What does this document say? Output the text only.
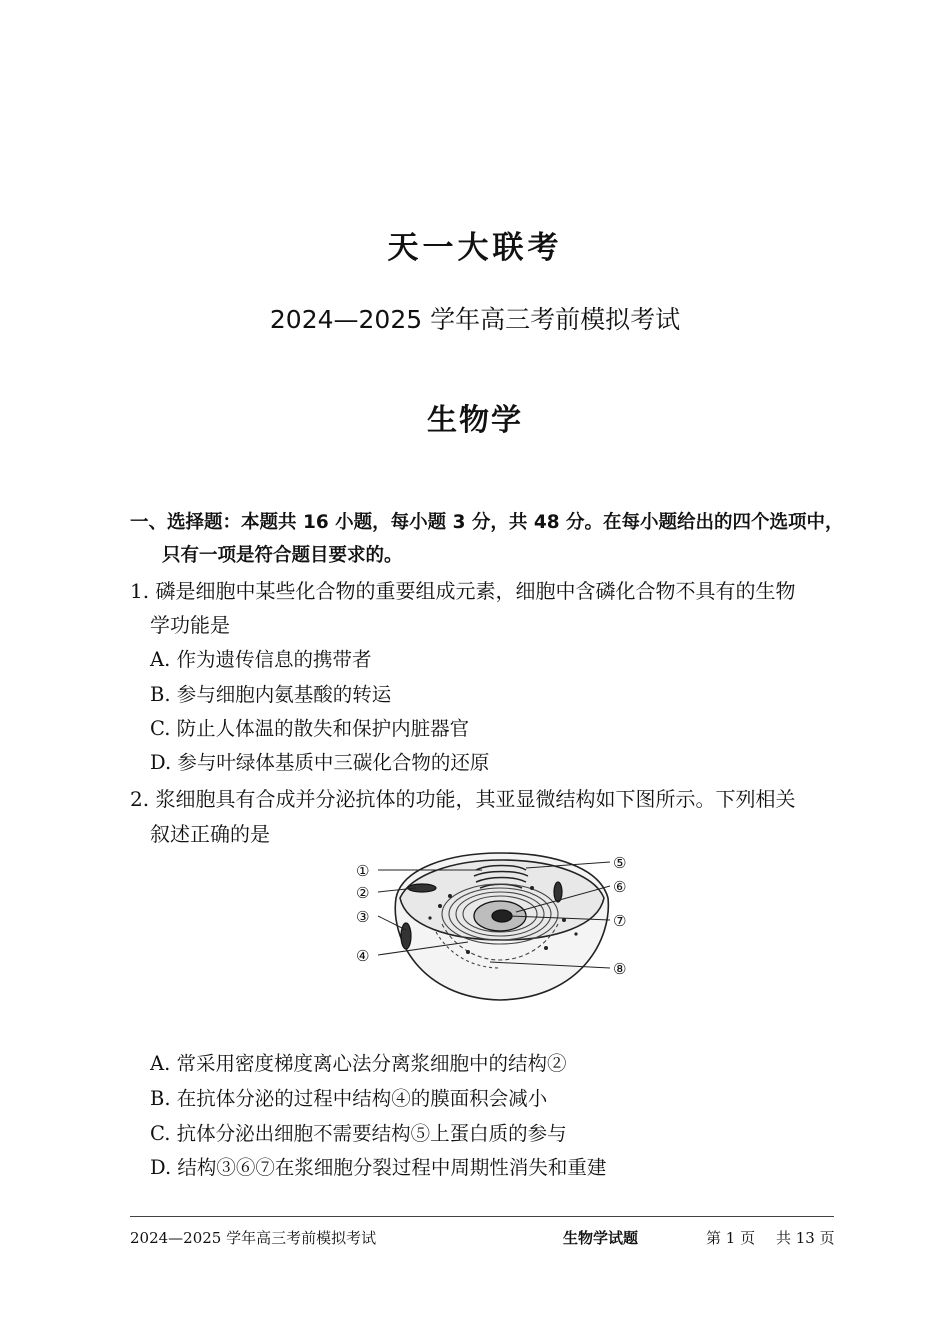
天一大联考
2024—2025 学年高三考前模拟考试
生物学
一、选择题：本题共 16 小题，每小题 3 分，共 48 分。在每小题给出的四个选项中，
只有一项是符合题目要求的。
1. 磷是细胞中某些化合物的重要组成元素，细胞中含磷化合物不具有的生物
学功能是
A. 作为遗传信息的携带者
B. 参与细胞内氨基酸的转运
C. 防止人体温的散失和保护内脏器官
D. 参与叶绿体基质中三碳化合物的还原
2. 浆细胞具有合成并分泌抗体的功能，其亚显微结构如下图所示。下列相关
叙述正确的是
①
②
③
④
⑤
⑥
⑦
⑧
A. 常采用密度梯度离心法分离浆细胞中的结构②
B. 在抗体分泌的过程中结构④的膜面积会减小
C. 抗体分泌出细胞不需要结构⑤上蛋白质的参与
D. 结构③⑥⑦在浆细胞分裂过程中周期性消失和重建
2024—2025 学年高三考前模拟考试	生物学试题	第 1 页 共 13 页
